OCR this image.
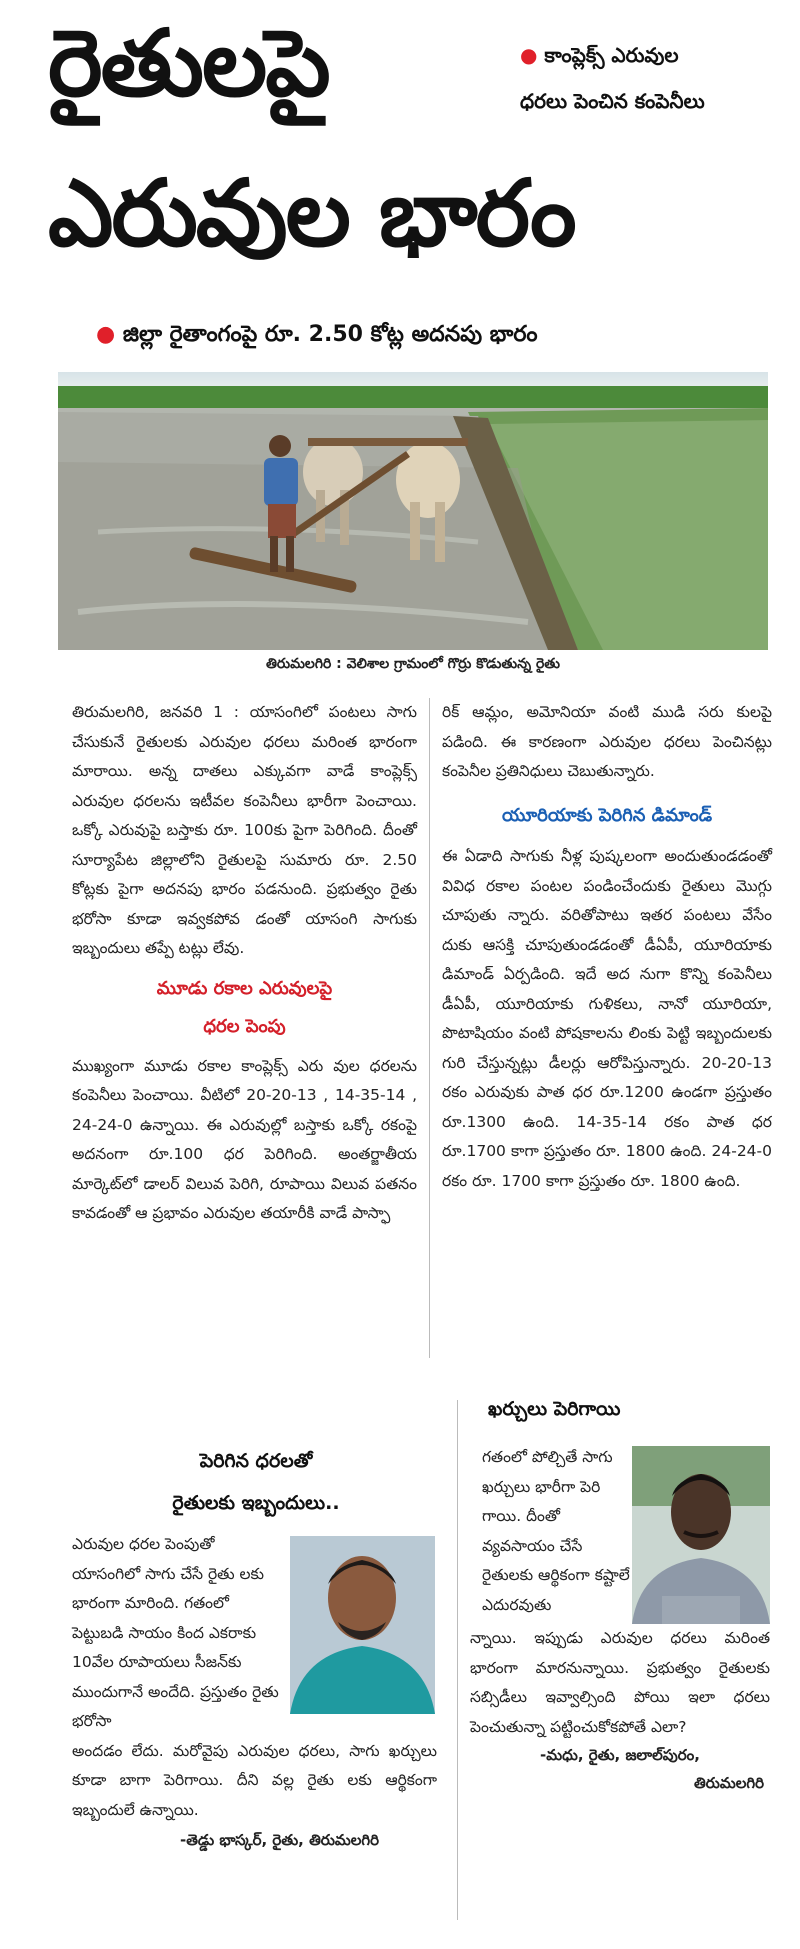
రైతులపై
ఎరువుల భారం
● కాంప్లెక్స్ ఎరువుల
ధరలు పెంచిన కంపెనీలు
● జిల్లా రైతాంగంపై రూ. 2.50 కోట్ల అదనపు భారం
తిరుమలగిరి : వెలిశాల గ్రామంలో గొర్రు కొడుతున్న రైతు

తిరుమలగిరి, జనవరి 1 : యాసంగిలో పంటలు సాగు చేసుకునే రైతులకు ఎరువుల ధరలు మరింత భారంగా మారాయి. అన్న దాతలు ఎక్కువగా వాడే కాంప్లెక్స్ ఎరువుల ధరలను ఇటీవల కంపెనీలు భారీగా పెంచాయి. ఒక్కో ఎరువుపై బస్తాకు రూ. 100కు పైగా పెరిగింది. దీంతో సూర్యాపేట జిల్లాలోని రైతులపై సుమారు రూ. 2.50 కోట్లకు పైగా అదనపు భారం పడనుంది. ప్రభుత్వం రైతు భరోసా కూడా ఇవ్వకపోవ డంతో యాసంగి సాగుకు ఇబ్బందులు తప్పే టట్లు లేవు.

మూడు రకాల ఎరువులపై
ధరల పెంపు

ముఖ్యంగా మూడు రకాల కాంప్లెక్స్ ఎరు వుల ధరలను కంపెనీలు పెంచాయి. వీటిలో 20-20-13 , 14-35-14 , 24-24-0 ఉన్నాయి. ఈ ఎరువుల్లో బస్తాకు ఒక్కో రకంపై అదనంగా రూ.100 ధర పెరిగింది. అంతర్జాతీయ మార్కెట్‌లో డాలర్ విలువ పెరిగి, రూపాయి విలువ పతనం కావడంతో ఆ ప్రభావం ఎరువుల తయారీకి వాడే పాస్ఫా

రిక్ ఆమ్లం, అమోనియా వంటి ముడి సరు కులపై పడింది. ఈ కారణంగా ఎరువుల ధరలు పెంచినట్లు కంపెనీల ప్రతినిధులు చెబుతున్నారు.

యూరియాకు పెరిగిన డిమాండ్

ఈ ఏడాది సాగుకు నీళ్ల పుష్కలంగా అందుతుండడంతో వివిధ రకాల పంటల పండించేందుకు రైతులు మొగ్గు చూపుతు న్నారు. వరితోపాటు ఇతర పంటలు వేసేం దుకు ఆసక్తి చూపుతుండడంతో డీఏపీ, యూరియాకు డిమాండ్ ఏర్పడింది. ఇదే అద నుగా కొన్ని కంపెనీలు డీఏపీ, యూరియాకు గుళికలు, నానో యూరియా, పొటాషియం వంటి పోషకాలను లింకు పెట్టి ఇబ్బందులకు గురి చేస్తున్నట్లు డీలర్లు ఆరోపిస్తున్నారు. 20-20-13 రకం ఎరువుకు పాత ధర రూ.1200 ఉండగా ప్రస్తుతం రూ.1300 ఉంది. 14-35-14 రకం పాత ధర రూ.1700 కాగా ప్రస్తుతం రూ. 1800 ఉంది. 24-24-0 రకం రూ. 1700 కాగా ప్రస్తుతం రూ. 1800 ఉంది.

పెరిగిన ధరలతో
రైతులకు ఇబ్బందులు..
ఎరువుల ధరల పెంపుతో యాసంగిలో సాగు చేసే రైతు లకు భారంగా మారింది. గతంలో పెట్టుబడి సాయం కింద ఎకరాకు 10వేల రూపాయలు సీజన్‌కు ముందుగానే అందేది. ప్రస్తుతం రైతు భరోసా
అందడం లేదు. మరోవైపు ఎరువుల ధరలు, సాగు ఖర్చులు కూడా బాగా పెరిగాయి. దీని వల్ల రైతు లకు ఆర్థికంగా ఇబ్బందులే ఉన్నాయి.
-తెడ్డు భాస్కర్, రైతు, తిరుమలగిరి
ఖర్చులు పెరిగాయి
గతంలో పోల్చితే సాగు ఖర్చులు భారీగా పెరి గాయి. దీంతో వ్యవసాయం చేసే రైతులకు ఆర్థికంగా కష్టాలే ఎదురవుతు
న్నాయి. ఇప్పుడు ఎరువుల ధరలు మరింత భారంగా మారనున్నాయి. ప్రభుత్వం రైతులకు సబ్సిడీలు ఇవ్వాల్సింది పోయి ఇలా ధరలు పెంచుతున్నా పట్టించుకోకపోతే ఎలా?
-మధు, రైతు, జలాల్‌పురం,
తిరుమలగిరి
